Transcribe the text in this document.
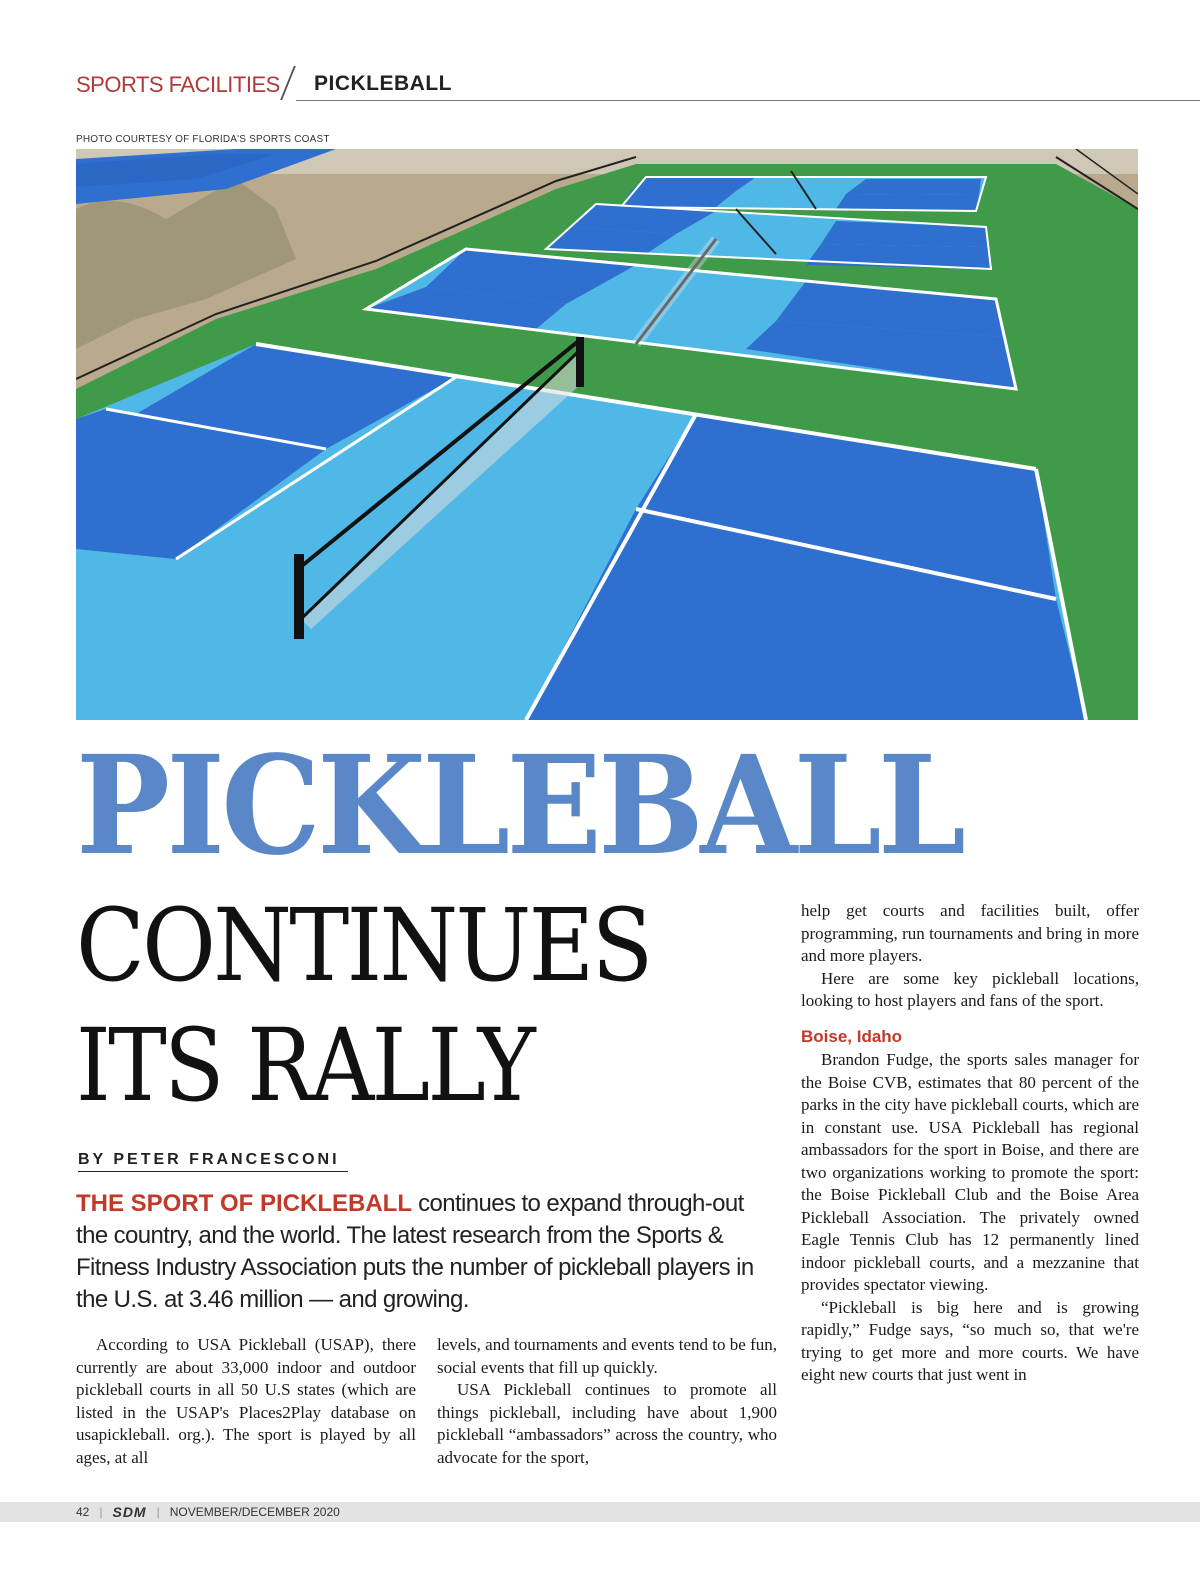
SPORTS FACILITIES PICKLEBALL
PHOTO COURTESY OF FLORIDA'S SPORTS COAST
PICKLEBALL
CONTINUES
ITS RALLY
BY PETER FRANCESCONI
THE SPORT OF PICKLEBALL continues to expand through-out the country, and the world. The latest research from the Sports & Fitness Industry Association puts the number of pickleball players in the U.S. at 3.46 million — and growing.

According to USA Pickleball (USAP), there currently are about 33,000 indoor and outdoor pickleball courts in all 50 U.S states (which are listed in the USAP's Places2Play database on usapickleball. org.). The sport is played by all ages, at all

levels, and tournaments and events tend to be fun, social events that fill up quickly.

USA Pickleball continues to promote all things pickleball, including have about 1,900 pickleball “ambassadors” across the country, who advocate for the sport,

help get courts and facilities built, offer programming, run tournaments and bring in more and more players.

Here are some key pickleball locations, looking to host players and fans of the sport.

Boise, Idaho

Brandon Fudge, the sports sales manager for the Boise CVB, estimates that 80 percent of the parks in the city have pickleball courts, which are in constant use. USA Pickleball has regional ambassadors for the sport in Boise, and there are two organizations working to promote the sport: the Boise Pickleball Club and the Boise Area Pickleball Association. The privately owned Eagle Tennis Club has 12 permanently lined indoor pickleball courts, and a mezzanine that provides spectator viewing.

“Pickleball is big here and is growing rapidly,” Fudge says, “so much so, that we're trying to get more and more courts. We have eight new courts that just went in

42 | SDM | NOVEMBER/DECEMBER 2020
